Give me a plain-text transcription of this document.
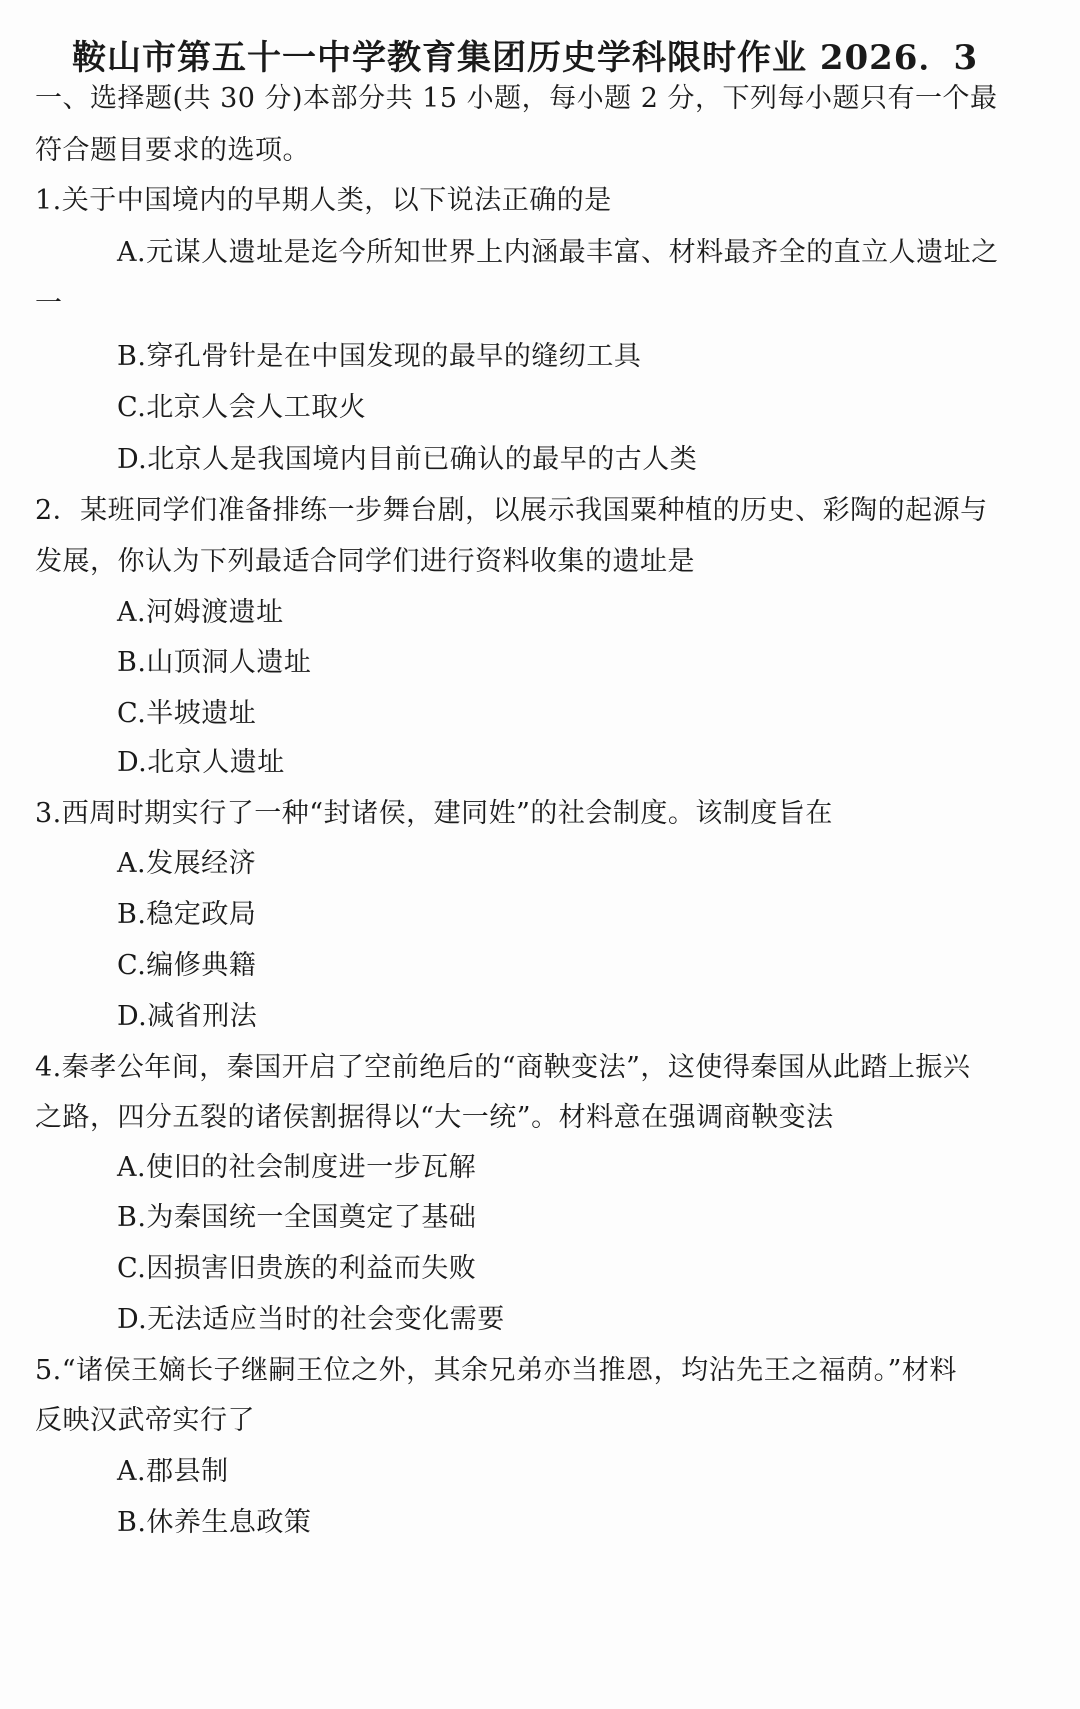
鞍山市第五十一中学教育集团历史学科限时作业 2026．3
一、选择题(共 30 分)本部分共 15 小题，每小题 2 分，下列每小题只有一个最
符合题目要求的选项。
1.关于中国境内的早期人类，以下说法正确的是
A.元谋人遗址是迄今所知世界上内涵最丰富、材料最齐全的直立人遗址之
一
B.穿孔骨针是在中国发现的最早的缝纫工具
C.北京人会人工取火
D.北京人是我国境内目前已确认的最早的古人类
2．某班同学们准备排练一步舞台剧，以展示我国粟种植的历史、彩陶的起源与
发展，你认为下列最适合同学们进行资料收集的遗址是
A.河姆渡遗址
B.山顶洞人遗址
C.半坡遗址
D.北京人遗址
3.西周时期实行了一种“封诸侯，建同姓”的社会制度。该制度旨在
A.发展经济
B.稳定政局
C.编修典籍
D.减省刑法
4.秦孝公年间，秦国开启了空前绝后的“商鞅变法”，这使得秦国从此踏上振兴
之路，四分五裂的诸侯割据得以“大一统”。材料意在强调商鞅变法
A.使旧的社会制度进一步瓦解
B.为秦国统一全国奠定了基础
C.因损害旧贵族的利益而失败
D.无法适应当时的社会变化需要
5.“诸侯王嫡长子继嗣王位之外，其余兄弟亦当推恩，均沾先王之福荫。”材料
反映汉武帝实行了
A.郡县制
B.休养生息政策
